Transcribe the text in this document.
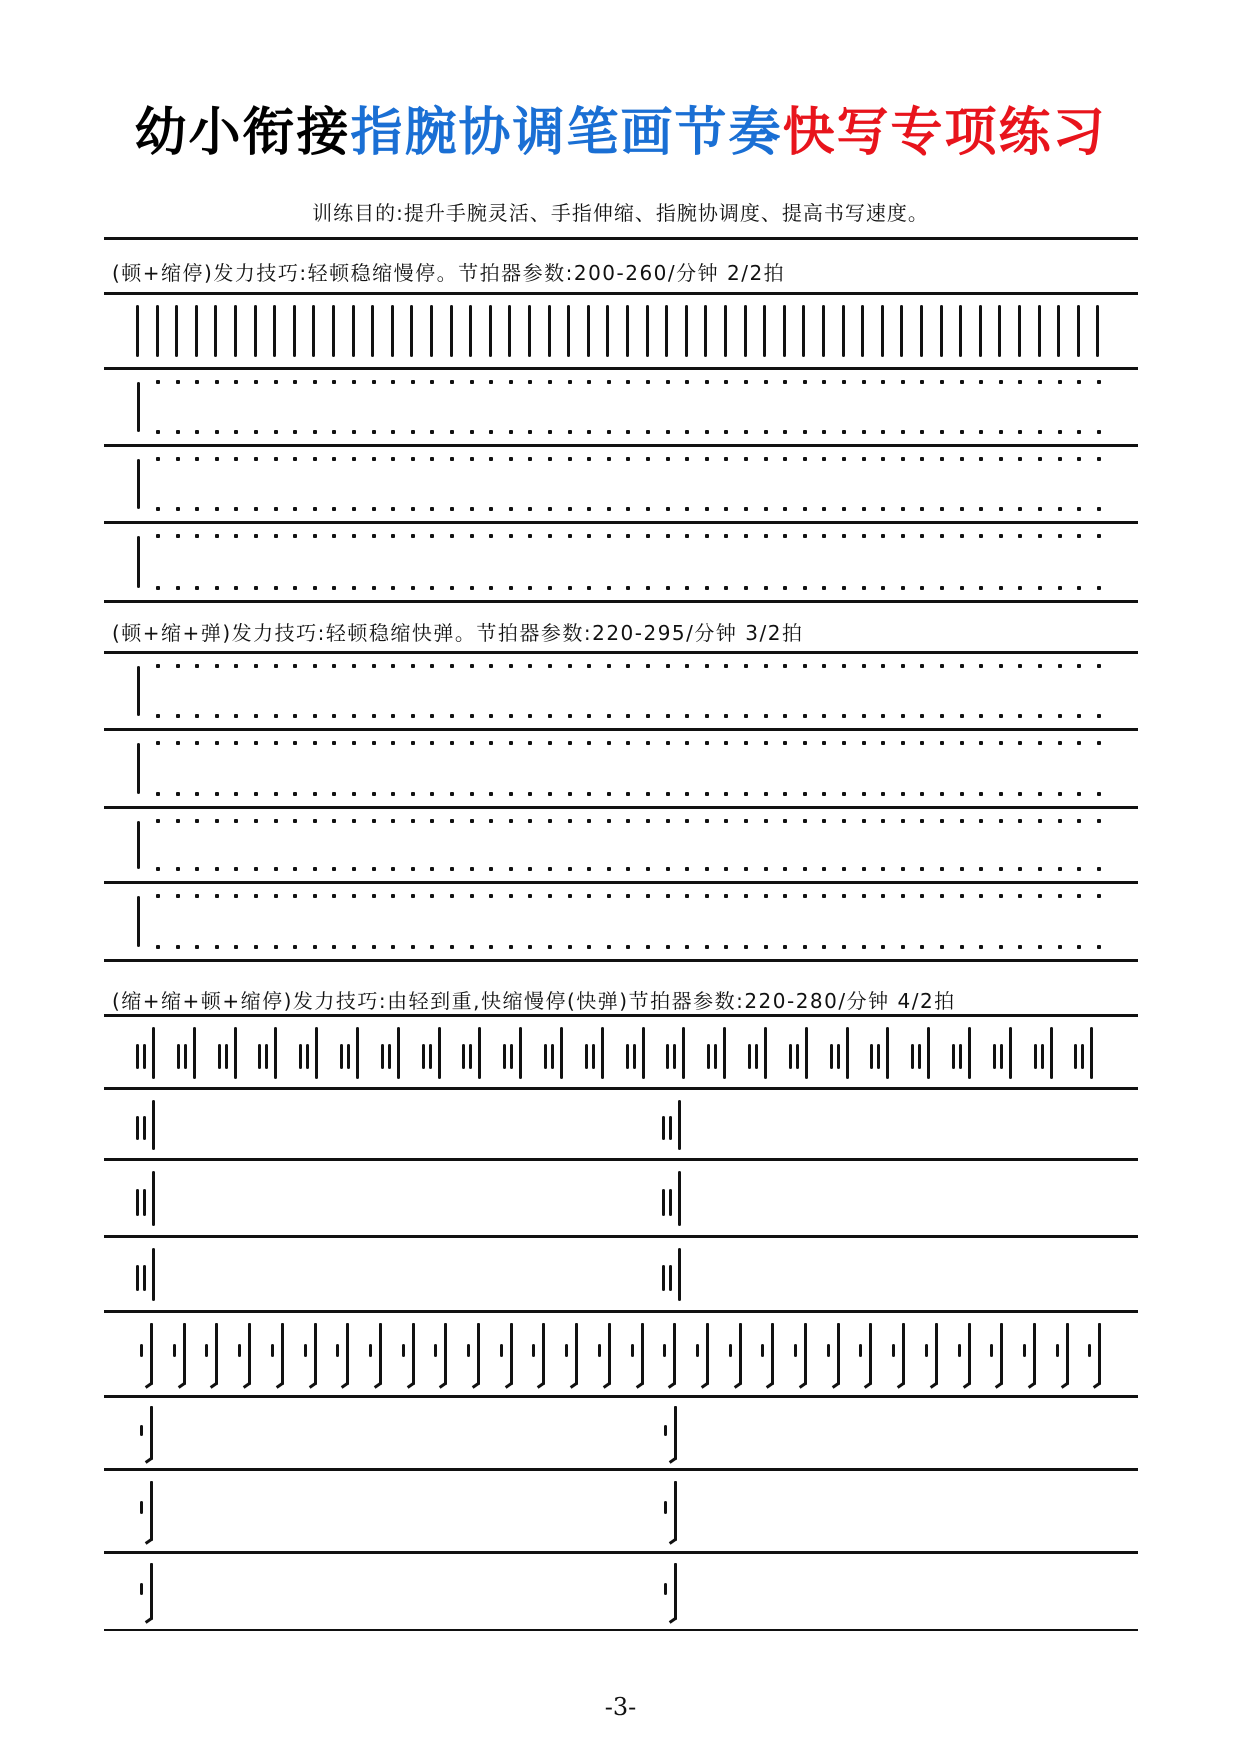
幼小衔接指腕协调笔画节奏快写专项练习
训练目的:提升手腕灵活、手指伸缩、指腕协调度、提高书写速度。
(顿+缩停)发力技巧:轻顿稳缩慢停。节拍器参数:200-260/分钟 2/2拍
(顿+缩+弹)发力技巧:轻顿稳缩快弹。节拍器参数:220-295/分钟 3/2拍
(缩+缩+顿+缩停)发力技巧:由轻到重,快缩慢停(快弹)节拍器参数:220-280/分钟 4/2拍
-3-
